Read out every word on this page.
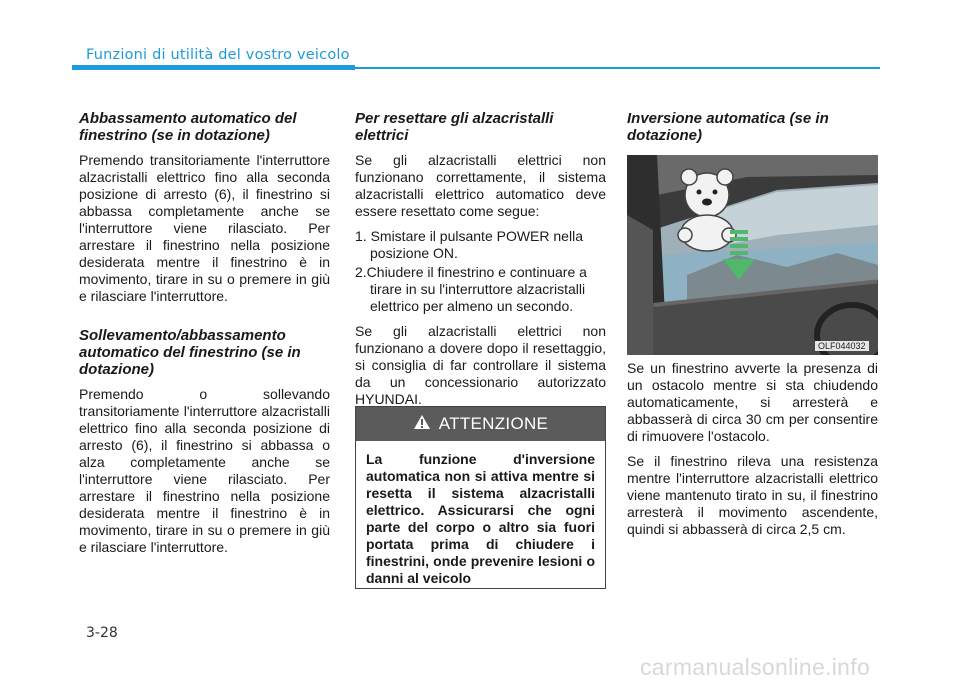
Funzioni di utilità del vostro veicolo
Abbassamento automatico del finestrino (se in dotazione)

Premendo transitoriamente l'interruttore alzacristalli elettrico fino alla seconda posizione di arresto (6), il finestrino si abbassa completamente anche se l'interruttore viene rilasciato. Per arrestare il finestrino nella posizione desiderata mentre il finestrino è in movimento, tirare in su o premere in giù e rilasciare l'interruttore.

Sollevamento/abbassamento automatico del finestrino (se in dotazione)

Premendo o sollevando transitoriamente l'interruttore alzacristalli elettrico fino alla seconda posizione di arresto (6), il finestrino si abbassa o alza completamente anche se l'interruttore viene rilasciato. Per arrestare il finestrino nella posizione desiderata mentre il finestrino è in movimento, tirare in su o premere in giù e rilasciare l'interruttore.

Per resettare gli alzacristalli elettrici

Se gli alzacristalli elettrici non funzionano correttamente, il sistema alzacristalli elettrico automatico deve essere resettato come segue:

1. Smistare il pulsante POWER nella posizione ON.
2.Chiudere il finestrino e continuare a tirare in su l'interruttore alzacristalli elettrico per almeno un secondo.

Se gli alzacristalli elettrici non funzionano a dovere dopo il resettaggio, si consiglia di far controllare il sistema da un concessionario autorizzato HYUNDAI.

ATTENZIONE
La funzione d'inversione automatica non si attiva mentre si resetta il sistema alzacristalli elettrico. Assicurarsi che ogni parte del corpo o altro sia fuori portata prima di chiudere i finestrini, onde prevenire lesioni o danni al veicolo
Inversione automatica (se in dotazione)
OLF044032

Se un finestrino avverte la presenza di un ostacolo mentre si sta chiudendo automaticamente, si arresterà e abbasserà di circa 30 cm per consentire di rimuovere l'ostacolo.

Se il finestrino rileva una resistenza mentre l'interruttore alzacristalli elettrico viene mantenuto tirato in su, il finestrino arresterà il movimento ascendente, quindi si abbasserà di circa 2,5 cm.

3-28
carmanualsonline.info
